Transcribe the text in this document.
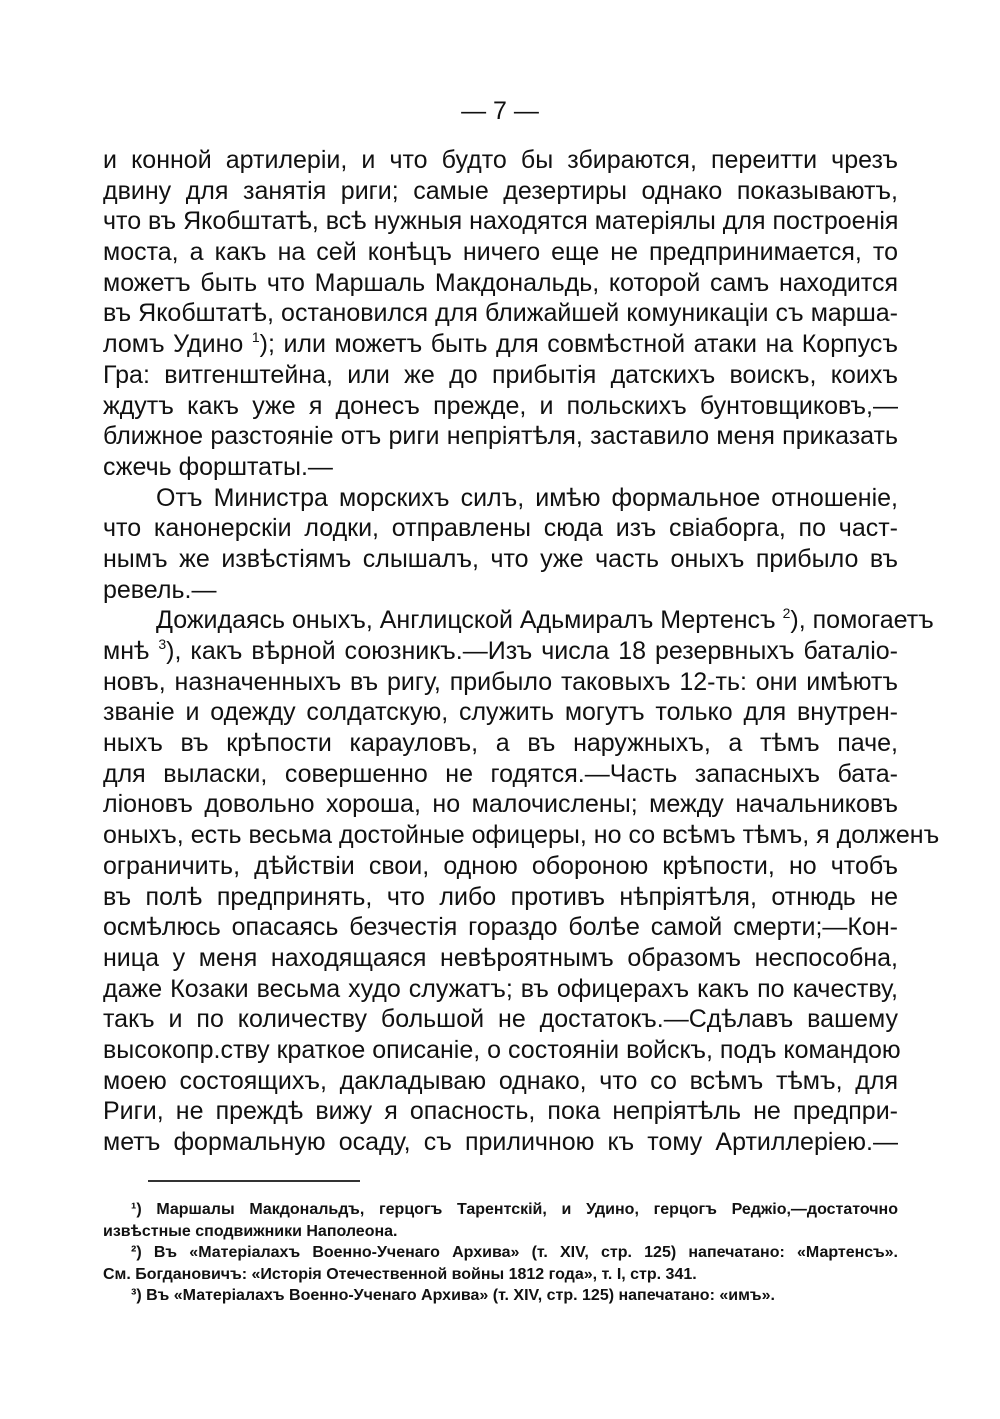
— 7 —
и конной артилеріи, и что будто бы збираются, переитти чрезъ
двину для занятія риги; самые дезертиры однако показываютъ,
что въ Якобштатѣ, всѣ нужныя находятся матеріялы для построенія
моста, а какъ на сей конѣцъ ничего еще не предпринимается, то
можетъ быть что Маршаль Макдональдь, которой самъ находится
въ Якобштатѣ, остановился для ближайшей комуникаціи съ марша-
ломъ Удино $^1$); или можетъ быть для совмѣстной атаки на Корпусъ
Гра: витгенштейна, или же до прибытія датскихъ воискъ, коихъ
ждутъ какъ уже я донесъ прежде, и польскихъ бунтовщиковъ,—
ближное разстояніе отъ риги непріятѣля, заставило меня приказать
сжечь форштаты.—
Отъ Министра морскихъ силъ, имѣю формальное отношеніе,
что канонерскіи лодки, отправлены сюда изъ свіаборга, по част-
нымъ же извѣстіямъ слышалъ, что уже часть оныхъ прибыло въ
ревель.—
Дожидаясь оныхъ, Англицской Адьмиралъ Мертенсъ $^2$), помогаетъ
мнѣ $^3$), какъ вѣрной союзникъ.—Изъ числа 18 резервныхъ баталіо-
новъ, назначенныхъ въ ригу, прибыло таковыхъ 12-ть: они имѣютъ
званіе и одежду солдатскую, служить могутъ только для внутрен-
ныхъ въ крѣпости карауловъ, а въ наружныхъ, а тѣмъ паче,
для выласки, совершенно не годятся.—Часть запасныхъ бата-
ліоновъ довольно хороша, но малочислены; между начальниковъ
оныхъ, есть весьма достойные офицеры, но со всѣмъ тѣмъ, я долженъ
ограничить, дѣйствіи свои, одною обороною крѣпости, но чтобъ
въ полѣ предпринять, что либо противъ нѣпріятѣля, отнюдь не
осмѣлюсь опасаясь безчестія гораздо болѣе самой смерти;—Кон-
ница у меня находящаяся невѣроятнымъ образомъ неспособна,
даже Козаки весьма худо служатъ; въ офицерахъ какъ по качеству,
такъ и по количеству большой не достатокъ.—Сдѣлавъ вашему
высокопр.ству краткое описаніе, о состояніи войскъ, подъ командою
моею состоящихъ, дакладываю однако, что со всѣмъ тѣмъ, для
Риги, не преждѣ вижу я опасность, пока непріятѣль не предпри-
метъ формальную осаду, съ приличною къ тому Артиллеріею.—
¹) Маршалы Макдональдъ, герцогъ Тарентскій, и Удино, герцогъ Реджіо,—достаточно
извѣстные сподвижники Наполеона.
²) Въ «Матеріалахъ Военно-Ученаго Архива» (т. XIV, стр. 125) напечатано: «Мартенсъ».
См. Богдановичъ: «Исторія Отечественной войны 1812 года», т. I, стр. 341.
³) Въ «Матеріалахъ Военно-Ученаго Архива» (т. XIV, стр. 125) напечатано: «имъ».
